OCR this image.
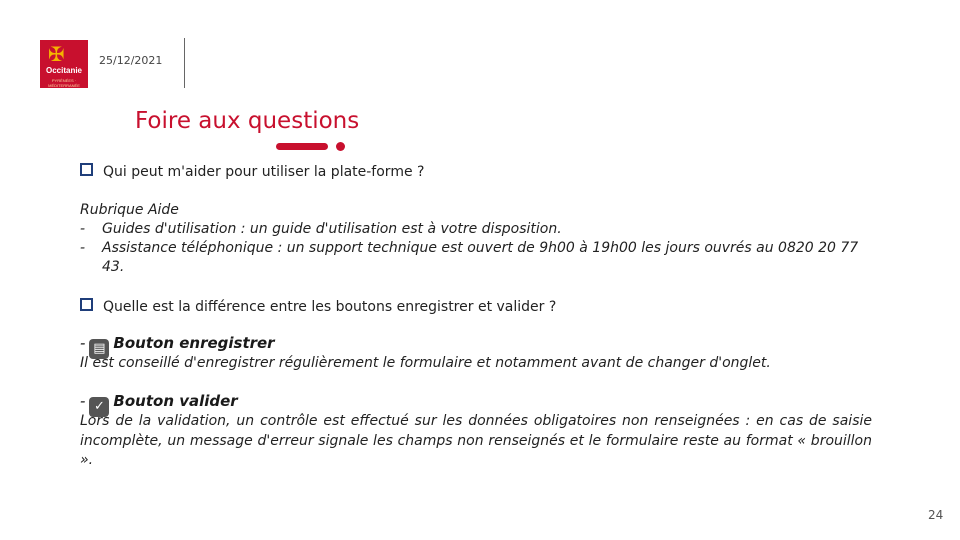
✠
Occitanie
PYRÉNÉES · MÉDITERRANÉE
25/12/2021
Foire aux questions
Qui peut m'aider pour utiliser la plate-forme ?
Rubrique Aide
- Guides d'utilisation : un guide d'utilisation est à votre disposition.
- Assistance téléphonique : un support technique est ouvert de 9h00 à 19h00 les jours ouvrés au 0820 20 77 43.
Quelle est la différence entre les boutons enregistrer et valider ?
- ▤ Bouton enregistrer
Il est conseillé d'enregistrer régulièrement le formulaire et notamment avant de changer d'onglet.
- ✓ Bouton valider
Lors de la validation, un contrôle est effectué sur les données obligatoires non renseignées : en cas de saisie incomplète, un message d'erreur signale les champs non renseignés et le formulaire reste au format « brouillon ».
24
